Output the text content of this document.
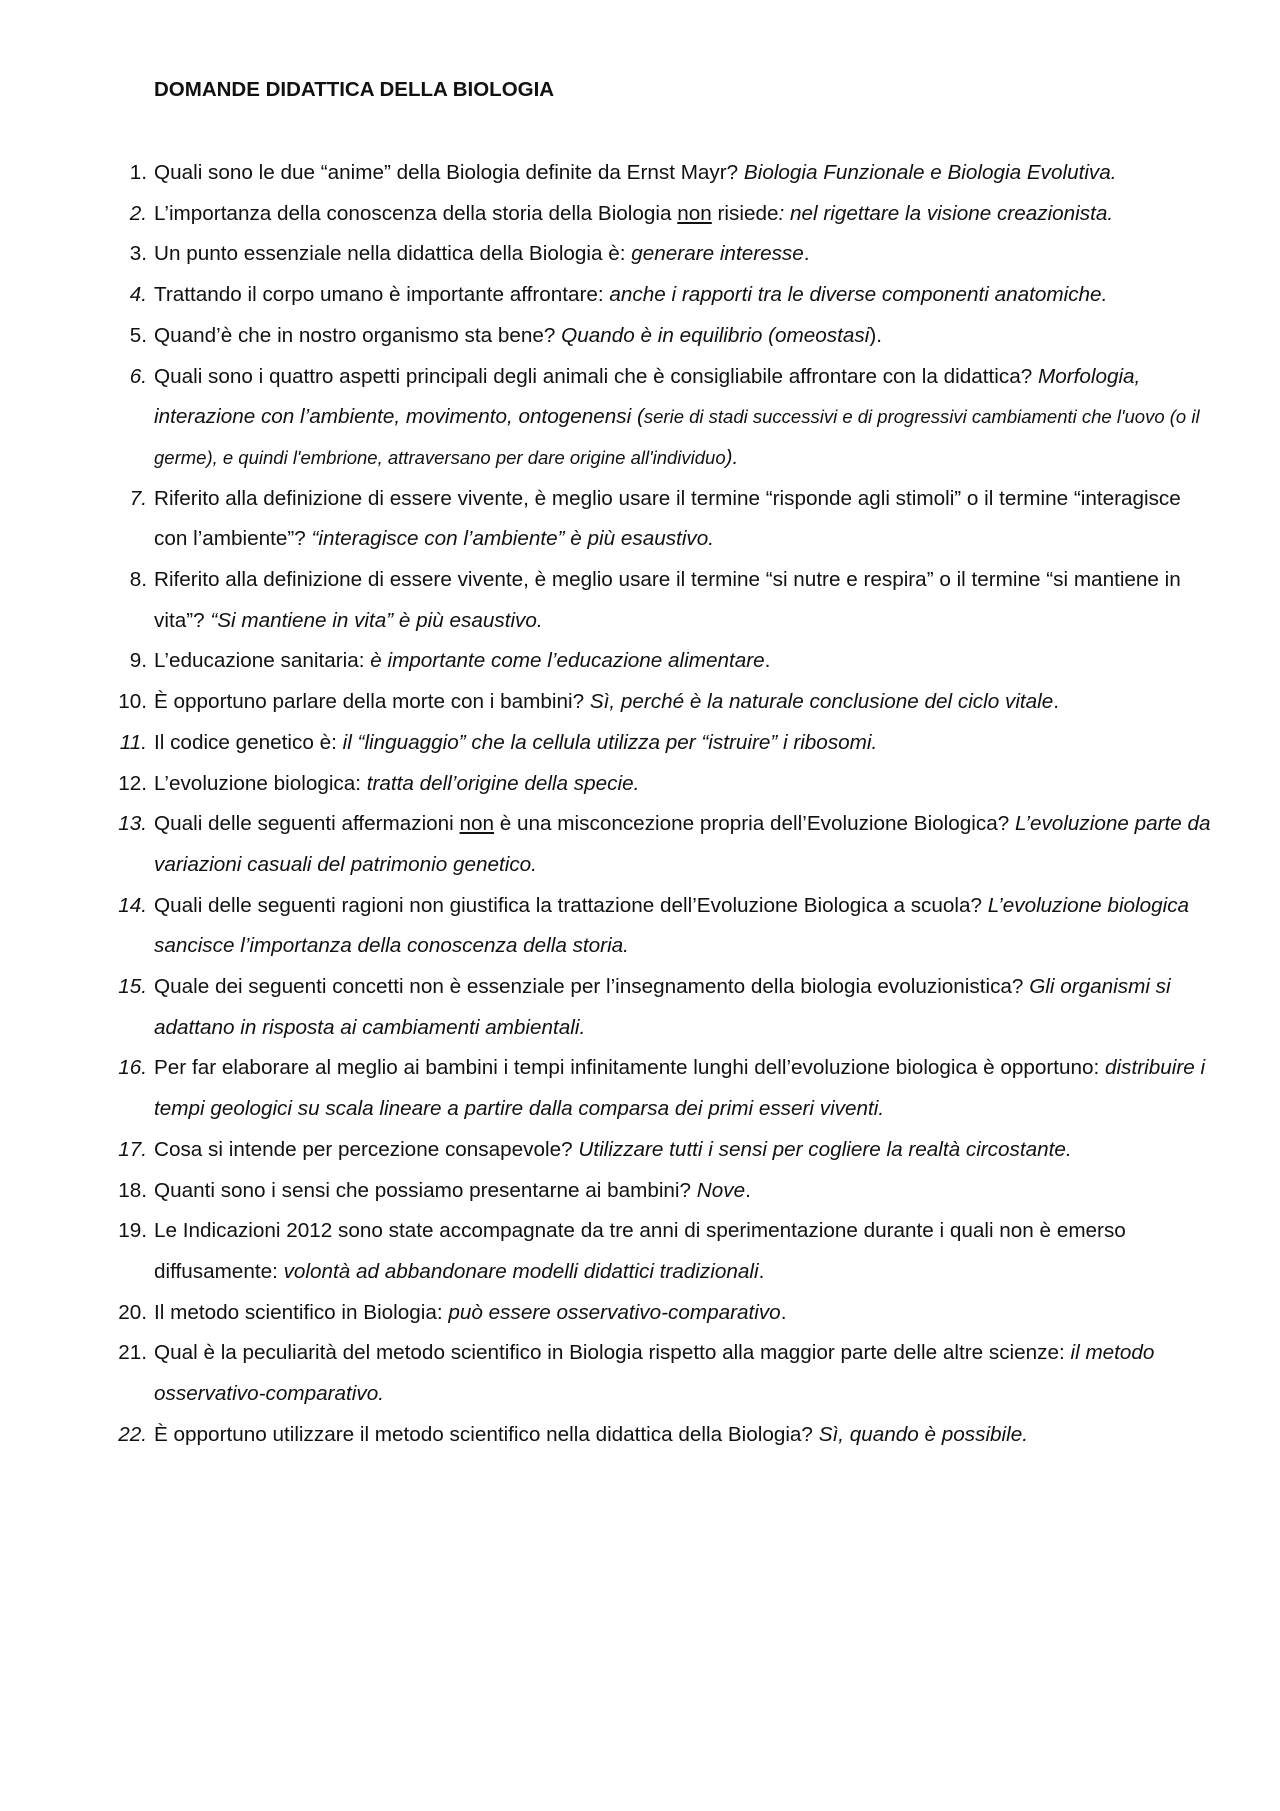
DOMANDE DIDATTICA DELLA BIOLOGIA
1. Quali sono le due “anime” della Biologia definite da Ernst Mayr? Biologia Funzionale e Biologia Evolutiva.
2. L’importanza della conoscenza della storia della Biologia non risiede: nel rigettare la visione creazionista.
3. Un punto essenziale nella didattica della Biologia è: generare interesse.
4. Trattando il corpo umano è importante affrontare: anche i rapporti tra le diverse componenti anatomiche.
5. Quand’è che in nostro organismo sta bene? Quando è in equilibrio (omeostasi).
6. Quali sono i quattro aspetti principali degli animali che è consigliabile affrontare con la didattica? Morfologia, interazione con l’ambiente, movimento, ontogenensi (serie di stadi successivi e di progressivi cambiamenti che l'uovo (o il germe), e quindi l'embrione, attraversano per dare origine all'individuo).
7. Riferito alla definizione di essere vivente, è meglio usare il termine “risponde agli stimoli” o il termine “interagisce con l’ambiente”? “interagisce con l’ambiente” è più esaustivo.
8. Riferito alla definizione di essere vivente, è meglio usare il termine “si nutre e respira” o il termine “si mantiene in vita”? “Si mantiene in vita” è più esaustivo.
9. L’educazione sanitaria: è importante come l’educazione alimentare.
10. È opportuno parlare della morte con i bambini? Sì, perché è la naturale conclusione del ciclo vitale.
11. Il codice genetico è: il “linguaggio” che la cellula utilizza per “istruire” i ribosomi.
12. L’evoluzione biologica: tratta dell’origine della specie.
13. Quali delle seguenti affermazioni non è una misconcezione propria dell’Evoluzione Biologica? L’evoluzione parte da variazioni casuali del patrimonio genetico.
14. Quali delle seguenti ragioni non giustifica la trattazione dell’Evoluzione Biologica a scuola? L’evoluzione biologica sancisce l’importanza della conoscenza della storia.
15. Quale dei seguenti concetti non è essenziale per l’insegnamento della biologia evoluzionistica? Gli organismi si adattano in risposta ai cambiamenti ambientali.
16. Per far elaborare al meglio ai bambini i tempi infinitamente lunghi dell’evoluzione biologica è opportuno: distribuire i tempi geologici su scala lineare a partire dalla comparsa dei primi esseri viventi.
17. Cosa si intende per percezione consapevole? Utilizzare tutti i sensi per cogliere la realtà circostante.
18. Quanti sono i sensi che possiamo presentarne ai bambini? Nove.
19. Le Indicazioni 2012 sono state accompagnate da tre anni di sperimentazione durante i quali non è emerso diffusamente: volontà ad abbandonare modelli didattici tradizionali.
20. Il metodo scientifico in Biologia: può essere osservativo-comparativo.
21. Qual è la peculiarità del metodo scientifico in Biologia rispetto alla maggior parte delle altre scienze: il metodo osservativo-comparativo.
22. È opportuno utilizzare il metodo scientifico nella didattica della Biologia? Sì, quando è possibile.
